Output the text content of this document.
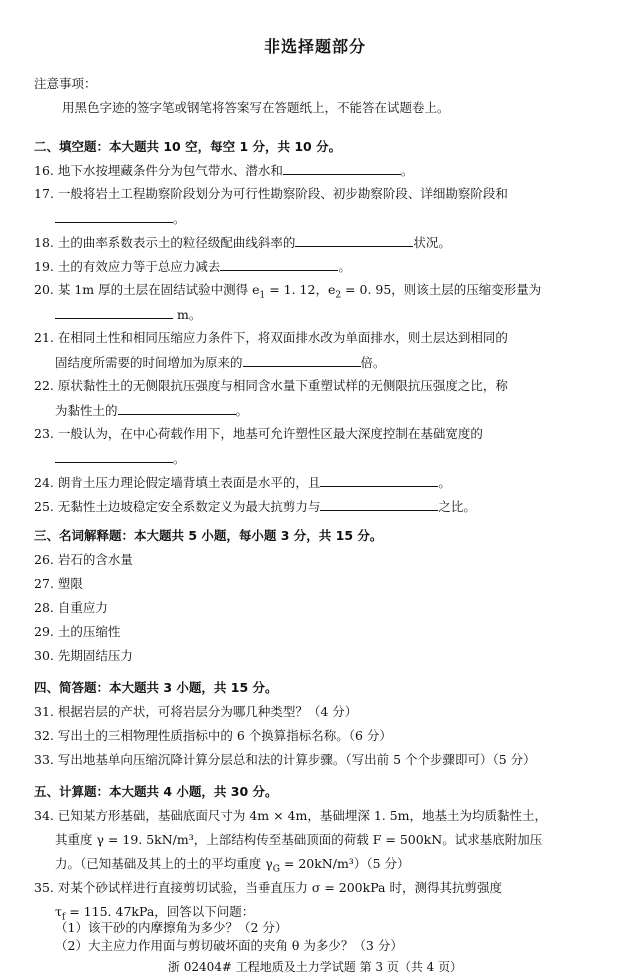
非选择题部分
注意事项：
用黑色字迹的签字笔或钢笔将答案写在答题纸上，不能答在试题卷上。
二、填空题：本大题共 10 空，每空 1 分，共 10 分。
16. 地下水按埋藏条件分为包气带水、潜水和	。
17. 一般将岩土工程勘察阶段划分为可行性勘察阶段、初步勘察阶段、详细勘察阶段和
。
18. 土的曲率系数表示土的粒径级配曲线斜率的	状况。
19. 土的有效应力等于总应力减去	。
20. 某 1m 厚的土层在固结试验中测得 $e_1 = 1$. 12，$e_2 = 0$. 95，则该土层的压缩变形量为
m。
21. 在相同土性和相同压缩应力条件下，将双面排水改为单面排水，则土层达到相同的
固结度所需要的时间增加为原来的	倍。
22. 原状黏性土的无侧限抗压强度与相同含水量下重塑试样的无侧限抗压强度之比，称
为黏性土的	。
23. 一般认为，在中心荷载作用下，地基可允许塑性区最大深度控制在基础宽度的
。
24. 朗肯土压力理论假定墙背填土表面是水平的，且	。
25. 无黏性土边坡稳定安全系数定义为最大抗剪力与	之比。
三、名词解释题：本大题共 5 小题，每小题 3 分，共 15 分。
26. 岩石的含水量
27. 塑限
28. 自重应力
29. 土的压缩性
30. 先期固结压力
四、简答题：本大题共 3 小题，共 15 分。
31. 根据岩层的产状，可将岩层分为哪几种类型？（4 分）
32. 写出土的三相物理性质指标中的 6 个换算指标名称。（6 分）
33. 写出地基单向压缩沉降计算分层总和法的计算步骤。（写出前 5 个个步骤即可）（5 分）
五、计算题：本大题共 4 小题，共 30 分。
34. 已知某方形基础，基础底面尺寸为 4m × 4m，基础埋深 1. 5m，地基土为均质黏性土，
其重度 γ = 19. 5kN/m³，上部结构传至基础顶面的荷载 F = 500kN。试求基底附加压
力。（已知基础及其上的土的平均重度 $\gamma_G = 20kN/m^3)(5$ 分）
35. 对某个砂试样进行直接剪切试验，当垂直压力 σ = 200kPa 时，测得其抗剪强度
$\tau_f = 115$. 47kPa，回答以下问题：
（1）该干砂的内摩擦角为多少？（2 分）
（2）大主应力作用面与剪切破坏面的夹角 θ 为多少？（3 分）
浙 02404# 工程地质及土力学试题 第 3 页（共 4 页）
